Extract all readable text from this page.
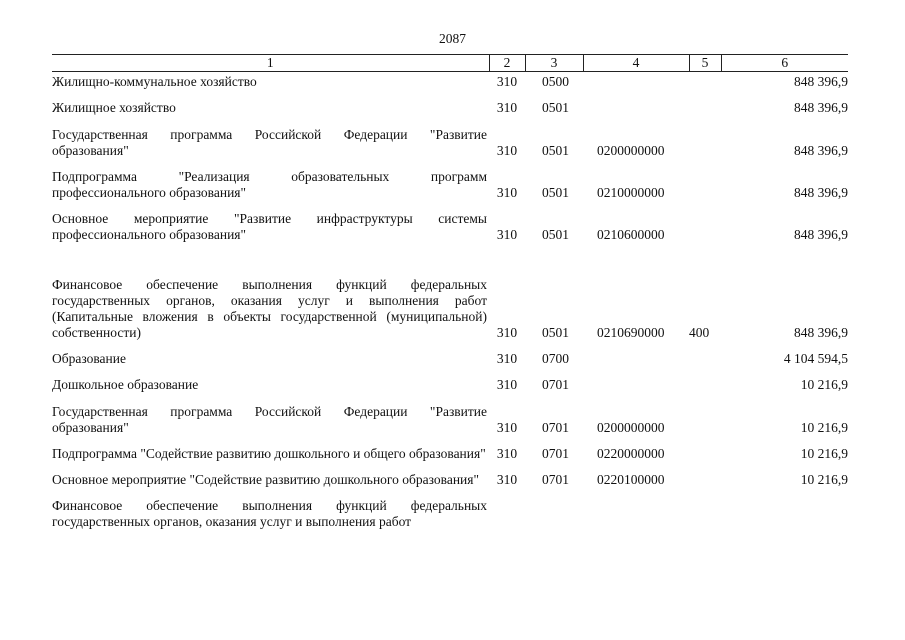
2087
1	2	3	4	5	6
Жилищно-коммунальное хозяйство	310	0500			848 396,9
Жилищное хозяйство	310	0501			848 396,9
Государственная программа Российской Федерации "Развитие образования"	310	0501	0200000000		848 396,9
Подпрограмма "Реализация образовательных программ профессионального образования"	310	0501	0210000000		848 396,9
Основное мероприятие "Развитие инфраструктуры системы профессионального образования"	310	0501	0210600000		848 396,9
Финансовое обеспечение выполнения функций федеральных государственных органов, оказания услуг и выполнения работ (Капитальные вложения в объекты государственной (муниципальной) собственности)	310	0501	0210690000	400	848 396,9
Образование	310	0700			4 104 594,5
Дошкольное образование	310	0701			10 216,9
Государственная программа Российской Федерации "Развитие образования"	310	0701	0200000000		10 216,9
Подпрограмма "Содействие развитию дошкольного и общего образования"	310	0701	0220000000		10 216,9
Основное мероприятие "Содействие развитию дошкольного образования"	310	0701	0220100000		10 216,9
Финансовое обеспечение выполнения функций федеральных государственных органов, оказания услуг и выполнения работ					
